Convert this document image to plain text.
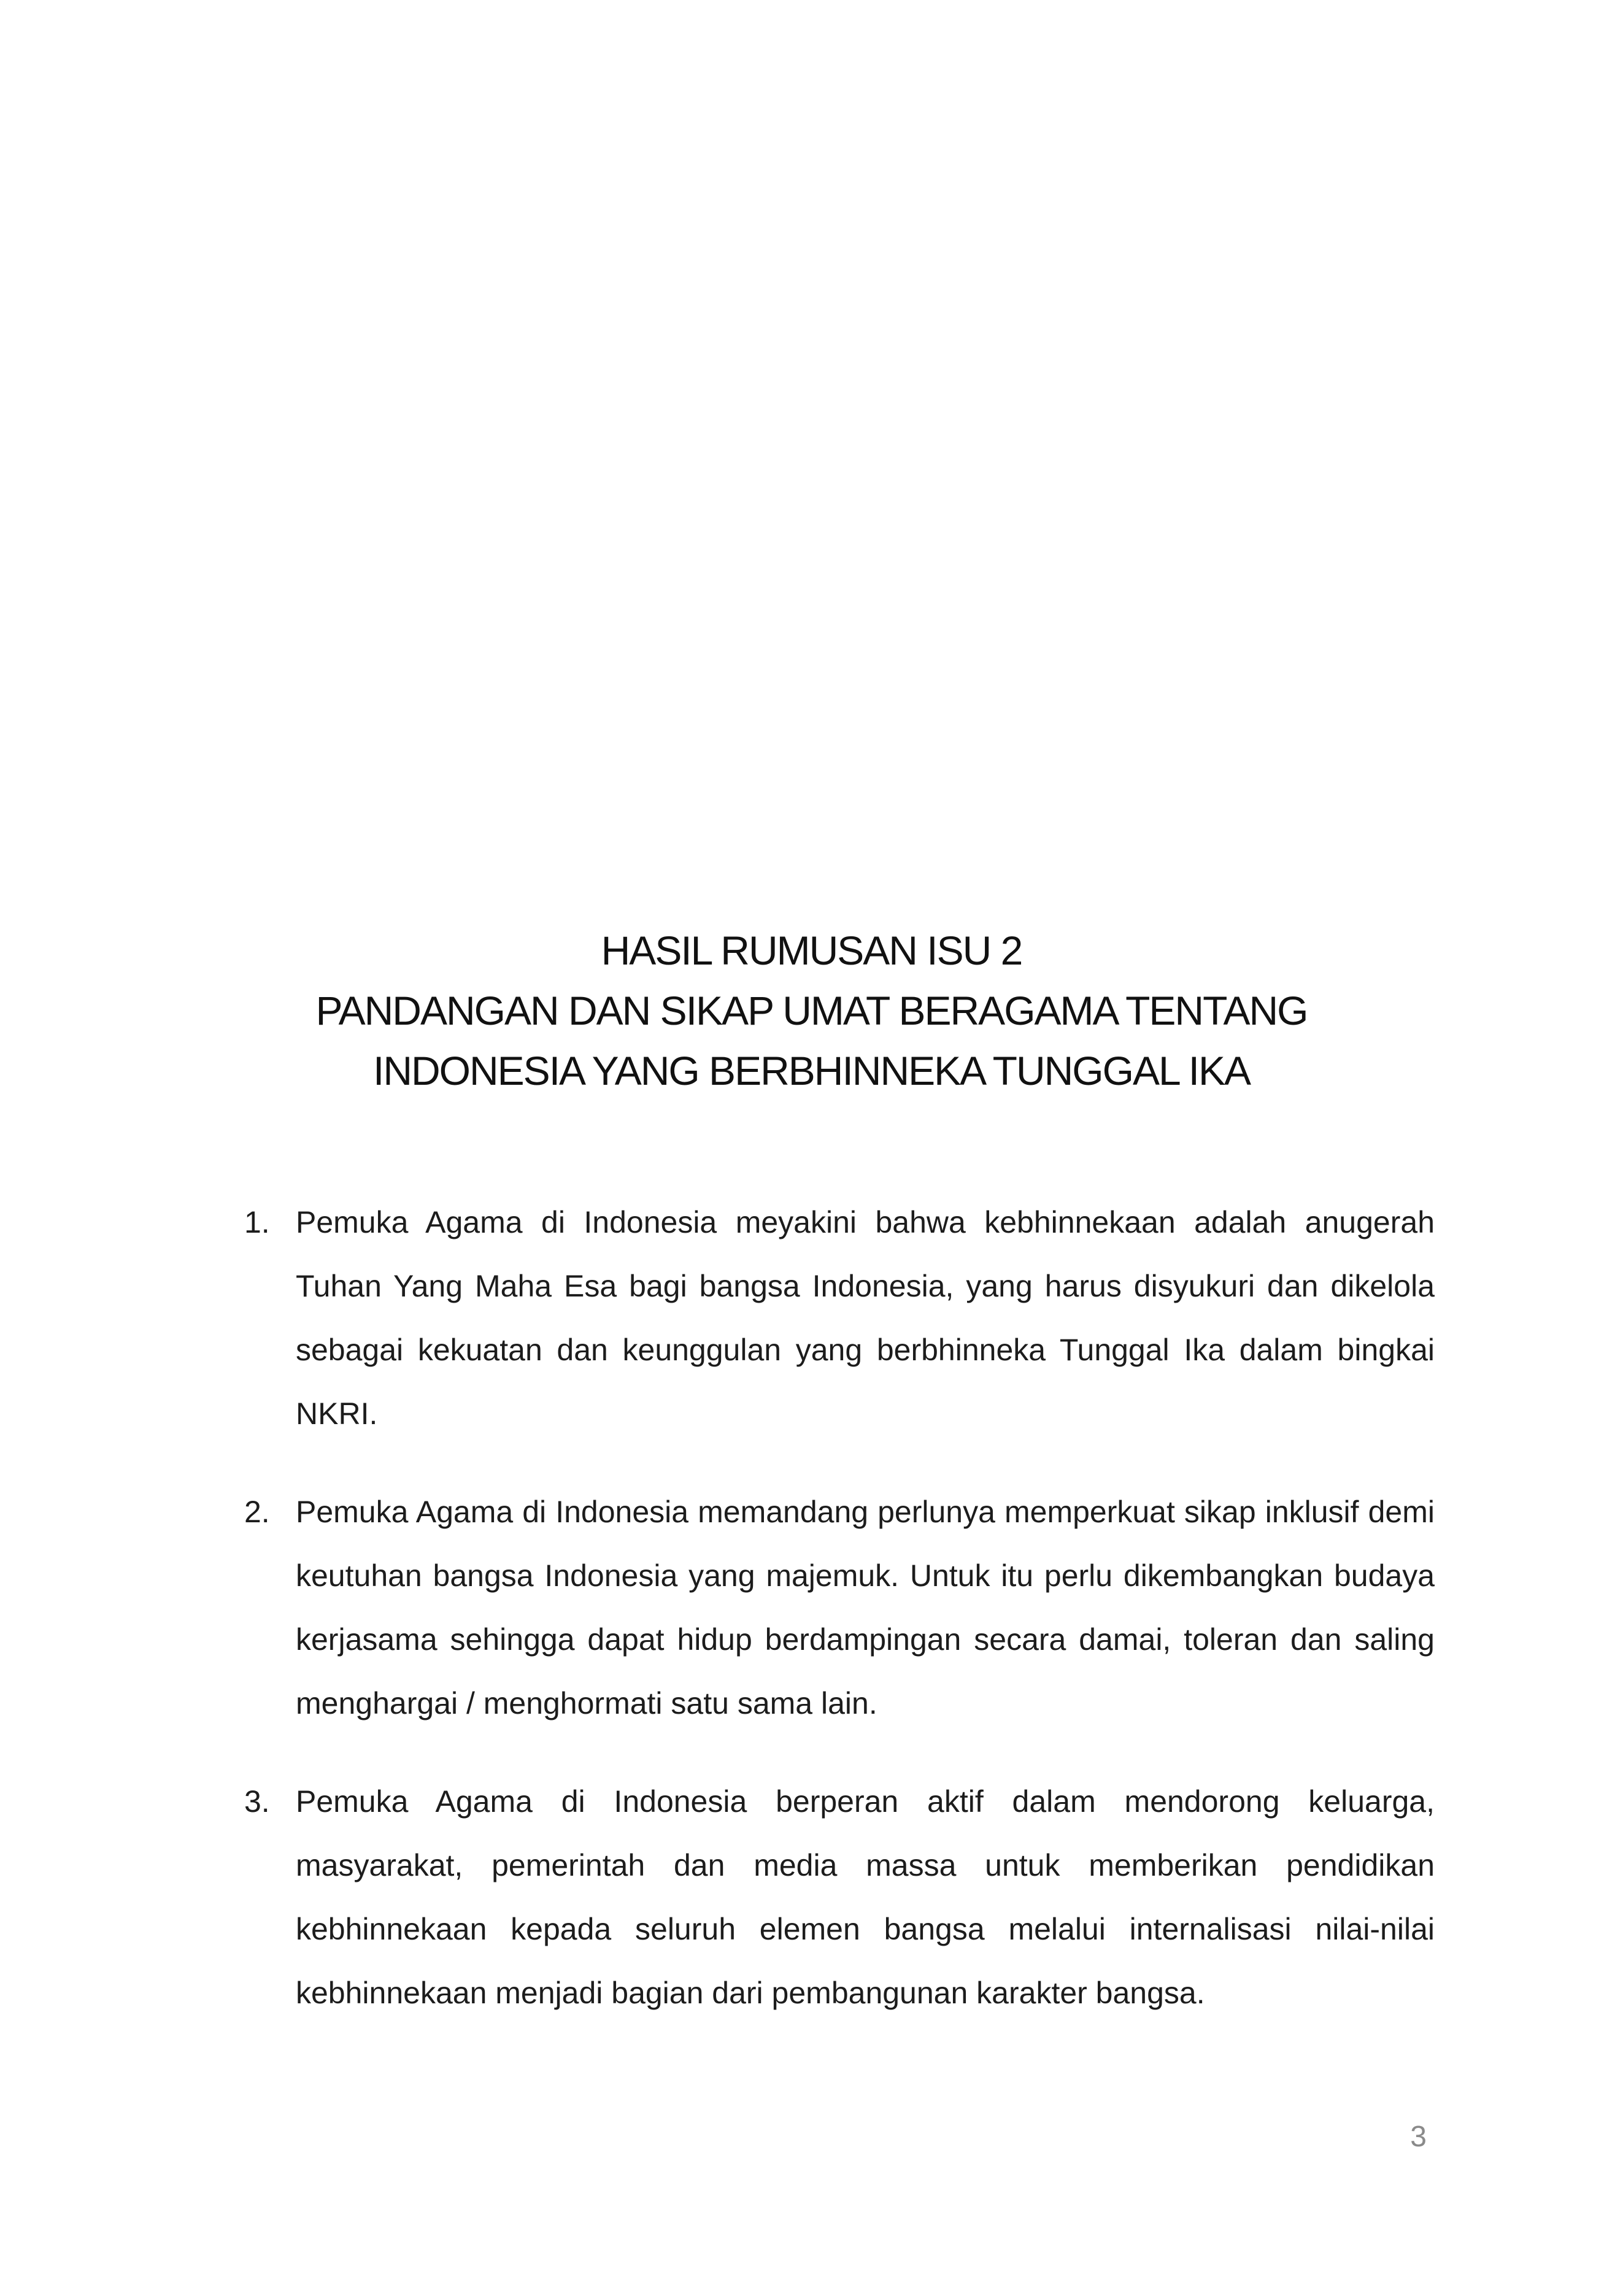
HASIL RUMUSAN ISU 2
PANDANGAN DAN SIKAP UMAT BERAGAMA TENTANG
INDONESIA YANG BERBHINNEKA TUNGGAL IKA
1. Pemuka Agama di Indonesia meyakini bahwa kebhinnekaan adalah anugerah Tuhan Yang Maha Esa bagi bangsa Indonesia, yang harus disyukuri dan dikelola sebagai kekuatan dan keunggulan yang berbhinneka Tunggal Ika dalam bingkai NKRI.
2. Pemuka Agama di Indonesia memandang perlunya memperkuat sikap inklusif demi keutuhan bangsa Indonesia yang majemuk. Untuk itu perlu dikembangkan budaya kerjasama sehingga dapat hidup berdampingan secara damai, toleran dan saling menghargai / menghormati satu sama lain.
3. Pemuka Agama di Indonesia berperan aktif dalam mendorong keluarga, masyarakat, pemerintah dan media massa untuk memberikan pendidikan kebhinnekaan kepada seluruh elemen bangsa melalui internalisasi nilai-nilai kebhinnekaan menjadi bagian dari pembangunan karakter bangsa.
3
